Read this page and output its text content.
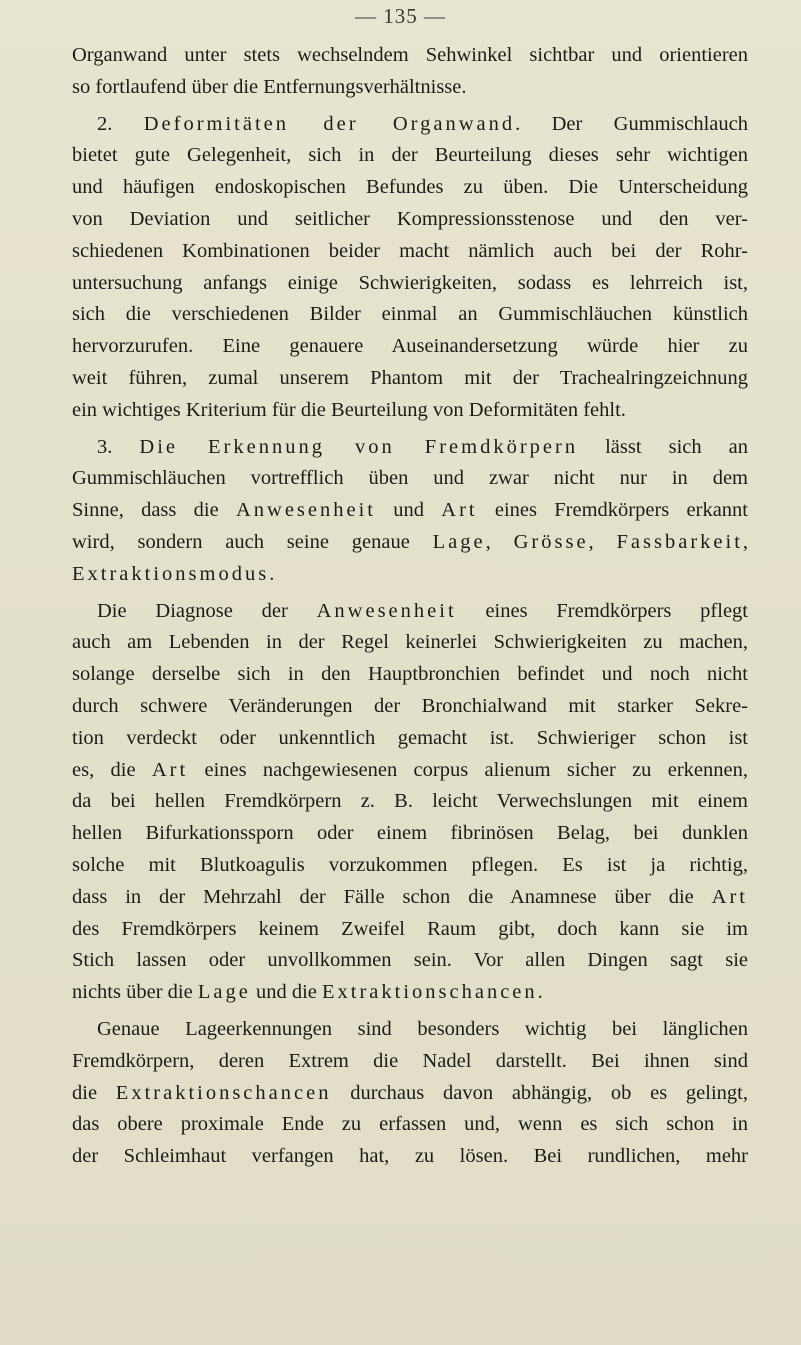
— 135 —
Organwand unter stets wechselndem Sehwinkel sichtbar und orientieren
so fortlaufend über die Entfernungsverhältnisse.
2. Deformitäten der Organwand. Der Gummischlauch
bietet gute Gelegenheit, sich in der Beurteilung dieses sehr wichtigen
und häufigen endoskopischen Befundes zu üben. Die Unterscheidung
von Deviation und seitlicher Kompressionsstenose und den ver-
schiedenen Kombinationen beider macht nämlich auch bei der Rohr-
untersuchung anfangs einige Schwierigkeiten, sodass es lehrreich ist,
sich die verschiedenen Bilder einmal an Gummischläuchen künstlich
hervorzurufen. Eine genauere Auseinandersetzung würde hier zu
weit führen, zumal unserem Phantom mit der Trachealringzeichnung
ein wichtiges Kriterium für die Beurteilung von Deformitäten fehlt.
3. Die Erkennung von Fremdkörpern lässt sich an
Gummischläuchen vortrefflich üben und zwar nicht nur in dem
Sinne, dass die Anwesenheit und Art eines Fremdkörpers erkannt
wird, sondern auch seine genaue Lage, Grösse, Fassbarkeit,
Extraktionsmodus.
Die Diagnose der Anwesenheit eines Fremdkörpers pflegt
auch am Lebenden in der Regel keinerlei Schwierigkeiten zu machen,
solange derselbe sich in den Hauptbronchien befindet und noch nicht
durch schwere Veränderungen der Bronchialwand mit starker Sekre-
tion verdeckt oder unkenntlich gemacht ist. Schwieriger schon ist
es, die Art eines nachgewiesenen corpus alienum sicher zu erkennen,
da bei hellen Fremdkörpern z. B. leicht Verwechslungen mit einem
hellen Bifurkationssporn oder einem fibrinösen Belag, bei dunklen
solche mit Blutkoagulis vorzukommen pflegen. Es ist ja richtig,
dass in der Mehrzahl der Fälle schon die Anamnese über die Art
des Fremdkörpers keinem Zweifel Raum gibt, doch kann sie im
Stich lassen oder unvollkommen sein. Vor allen Dingen sagt sie
nichts über die Lage und die Extraktionschancen.
Genaue Lageerkennungen sind besonders wichtig bei länglichen
Fremdkörpern, deren Extrem die Nadel darstellt. Bei ihnen sind
die Extraktionschancen durchaus davon abhängig, ob es gelingt,
das obere proximale Ende zu erfassen und, wenn es sich schon in
der Schleimhaut verfangen hat, zu lösen. Bei rundlichen, mehr
